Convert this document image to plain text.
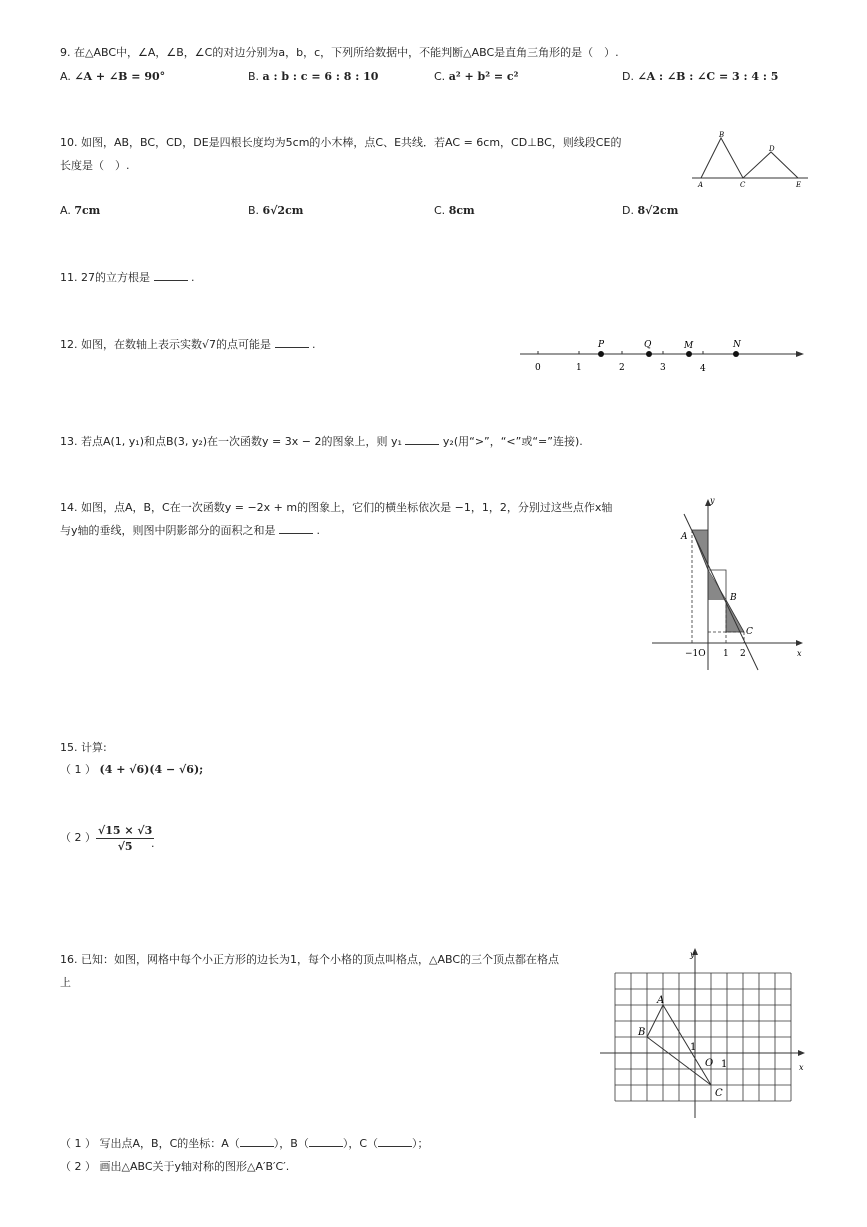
9. 在△ABC中，∠A，∠B，∠C的对边分别为a，b，c，下列所给数据中，不能判断△ABC是直角三角形的是（　）.
A. ∠A + ∠B = 90°	B. a : b : c = 6 : 8 : 10	C. a² + b² = c²	D. ∠A : ∠B : ∠C = 3 : 4 : 5
10. 如图，AB，BC，CD，DE是四根长度均为5cm的小木棒，点C、E共线．若AC = 6cm，CD⊥BC，则线段CE的
长度是（　）.
B
D
A	C	E
A. 7cm	B. 6√2cm	C. 8cm	D. 8√2cm
11. 27的立方根是	.
12. 如图，在数轴上表示实数√7的点可能是	.	P	Q	M	N
0	1	2	3	4
13. 若点A(1, y₁)和点B(3, y₂)在一次函数y = 3x − 2的图象上，则 y₁	y₂(用“>”，“<”或“=”连接).
14. 如图，点A，B，C在一次函数y = −2x + m的图象上，它们的横坐标依次是 −1，1，2，分别过这些点作x轴
与y轴的垂线，则图中阴影部分的面积之和是	.
y
x
A
B
C
−1O 1 2
15. 计算:
（ 1 ） (4 + √6)(4 − √6);
（ 2 ） $\frac{√15 \times √3}{√5}$
.
16. 已知：如图，网格中每个小正方形的边长为1，每个小格的顶点叫格点，△ABC的三个顶点都在格点
上
y
x
A
B
C
O 1
1
（ 1 ） 写出点A，B，C的坐标：A（	），B（	），C（	）；
（ 2 ） 画出△ABC关于y轴对称的图形△A′B′C′.
